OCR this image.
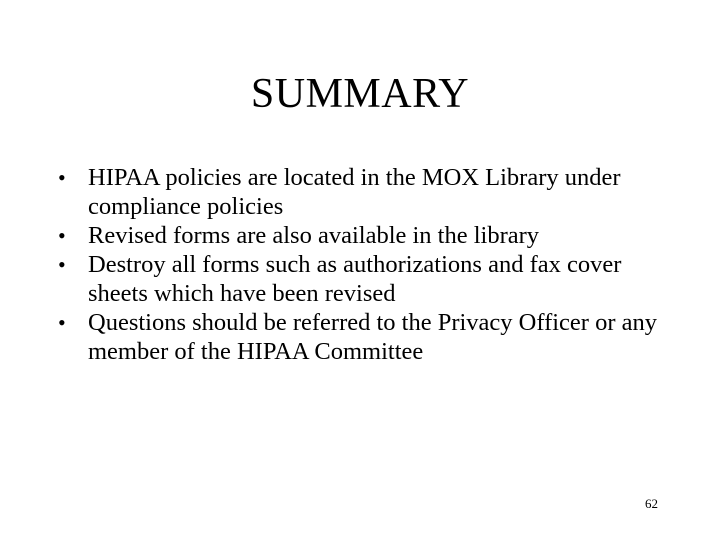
SUMMARY
• HIPAA policies are located in the MOX Library under compliance policies
• Revised forms are also available in the library
• Destroy all forms such as authorizations and fax cover sheets which have been revised
• Questions should be referred to the Privacy Officer or any member of the HIPAA Committee
62
